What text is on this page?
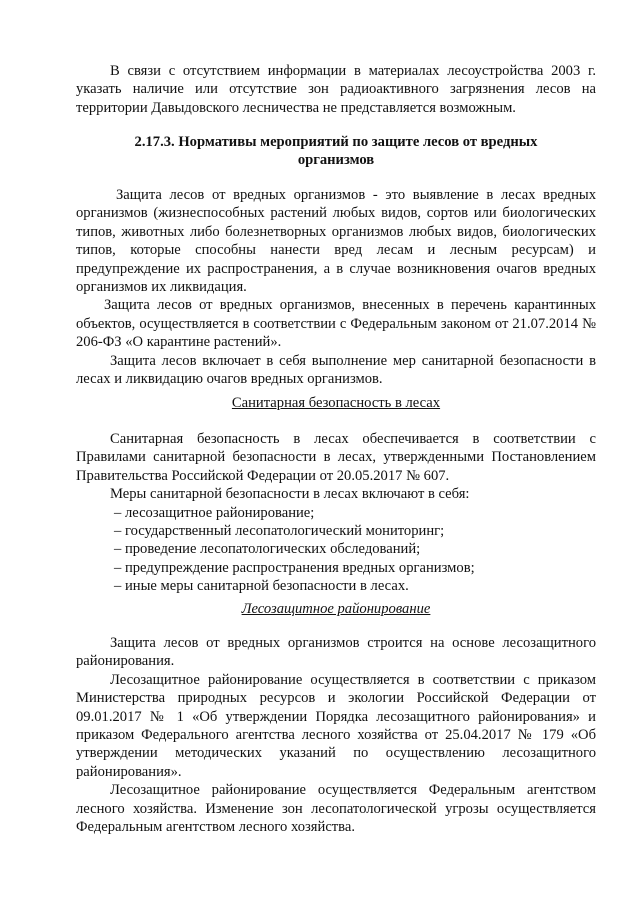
В связи с отсутствием информации в материалах лесоустройства 2003 г. указать наличие или отсутствие зон радиоактивного загрязнения лесов на территории Давыдовского лесничества не представляется возможным.

2.17.3. Нормативы мероприятий по защите лесов от вредных
организмов

Защита лесов от вредных организмов - это выявление в лесах вредных организмов (жизнеспособных растений любых видов, сортов или биологических типов, животных либо болезнетворных организмов любых видов, биологических типов, которые способны нанести вред лесам и лесным ресурсам) и предупреждение их распространения, а в случае возникновения очагов вредных организмов их ликвидация.

Защита лесов от вредных организмов, внесенных в перечень карантинных объектов, осуществляется в соответствии с Федеральным законом от 21.07.2014 № 206-ФЗ «О карантине растений».

Защита лесов включает в себя выполнение мер санитарной безопасности в лесах и ликвидацию очагов вредных организмов.

Санитарная безопасность в лесах

Санитарная безопасность в лесах обеспечивается в соответствии с Правилами санитарной безопасности в лесах, утвержденными Постановлением Правительства Российской Федерации от 20.05.2017 № 607.

Меры санитарной безопасности в лесах включают в себя:

– лесозащитное районирование;
– государственный лесопатологический мониторинг;
– проведение лесопатологических обследований;
– предупреждение распространения вредных организмов;
– иные меры санитарной безопасности в лесах.
Лесозащитное районирование

Защита лесов от вредных организмов строится на основе лесозащитного районирования.

Лесозащитное районирование осуществляется в соответствии с приказом Министерства природных ресурсов и экологии Российской Федерации от 09.01.2017 № 1 «Об утверждении Порядка лесозащитного районирования» и приказом Федерального агентства лесного хозяйства от 25.04.2017 № 179 «Об утверждении методических указаний по осуществлению лесозащитного районирования».

Лесозащитное районирование осуществляется Федеральным агентством лесного хозяйства. Изменение зон лесопатологической угрозы осуществляется Федеральным агентством лесного хозяйства.
